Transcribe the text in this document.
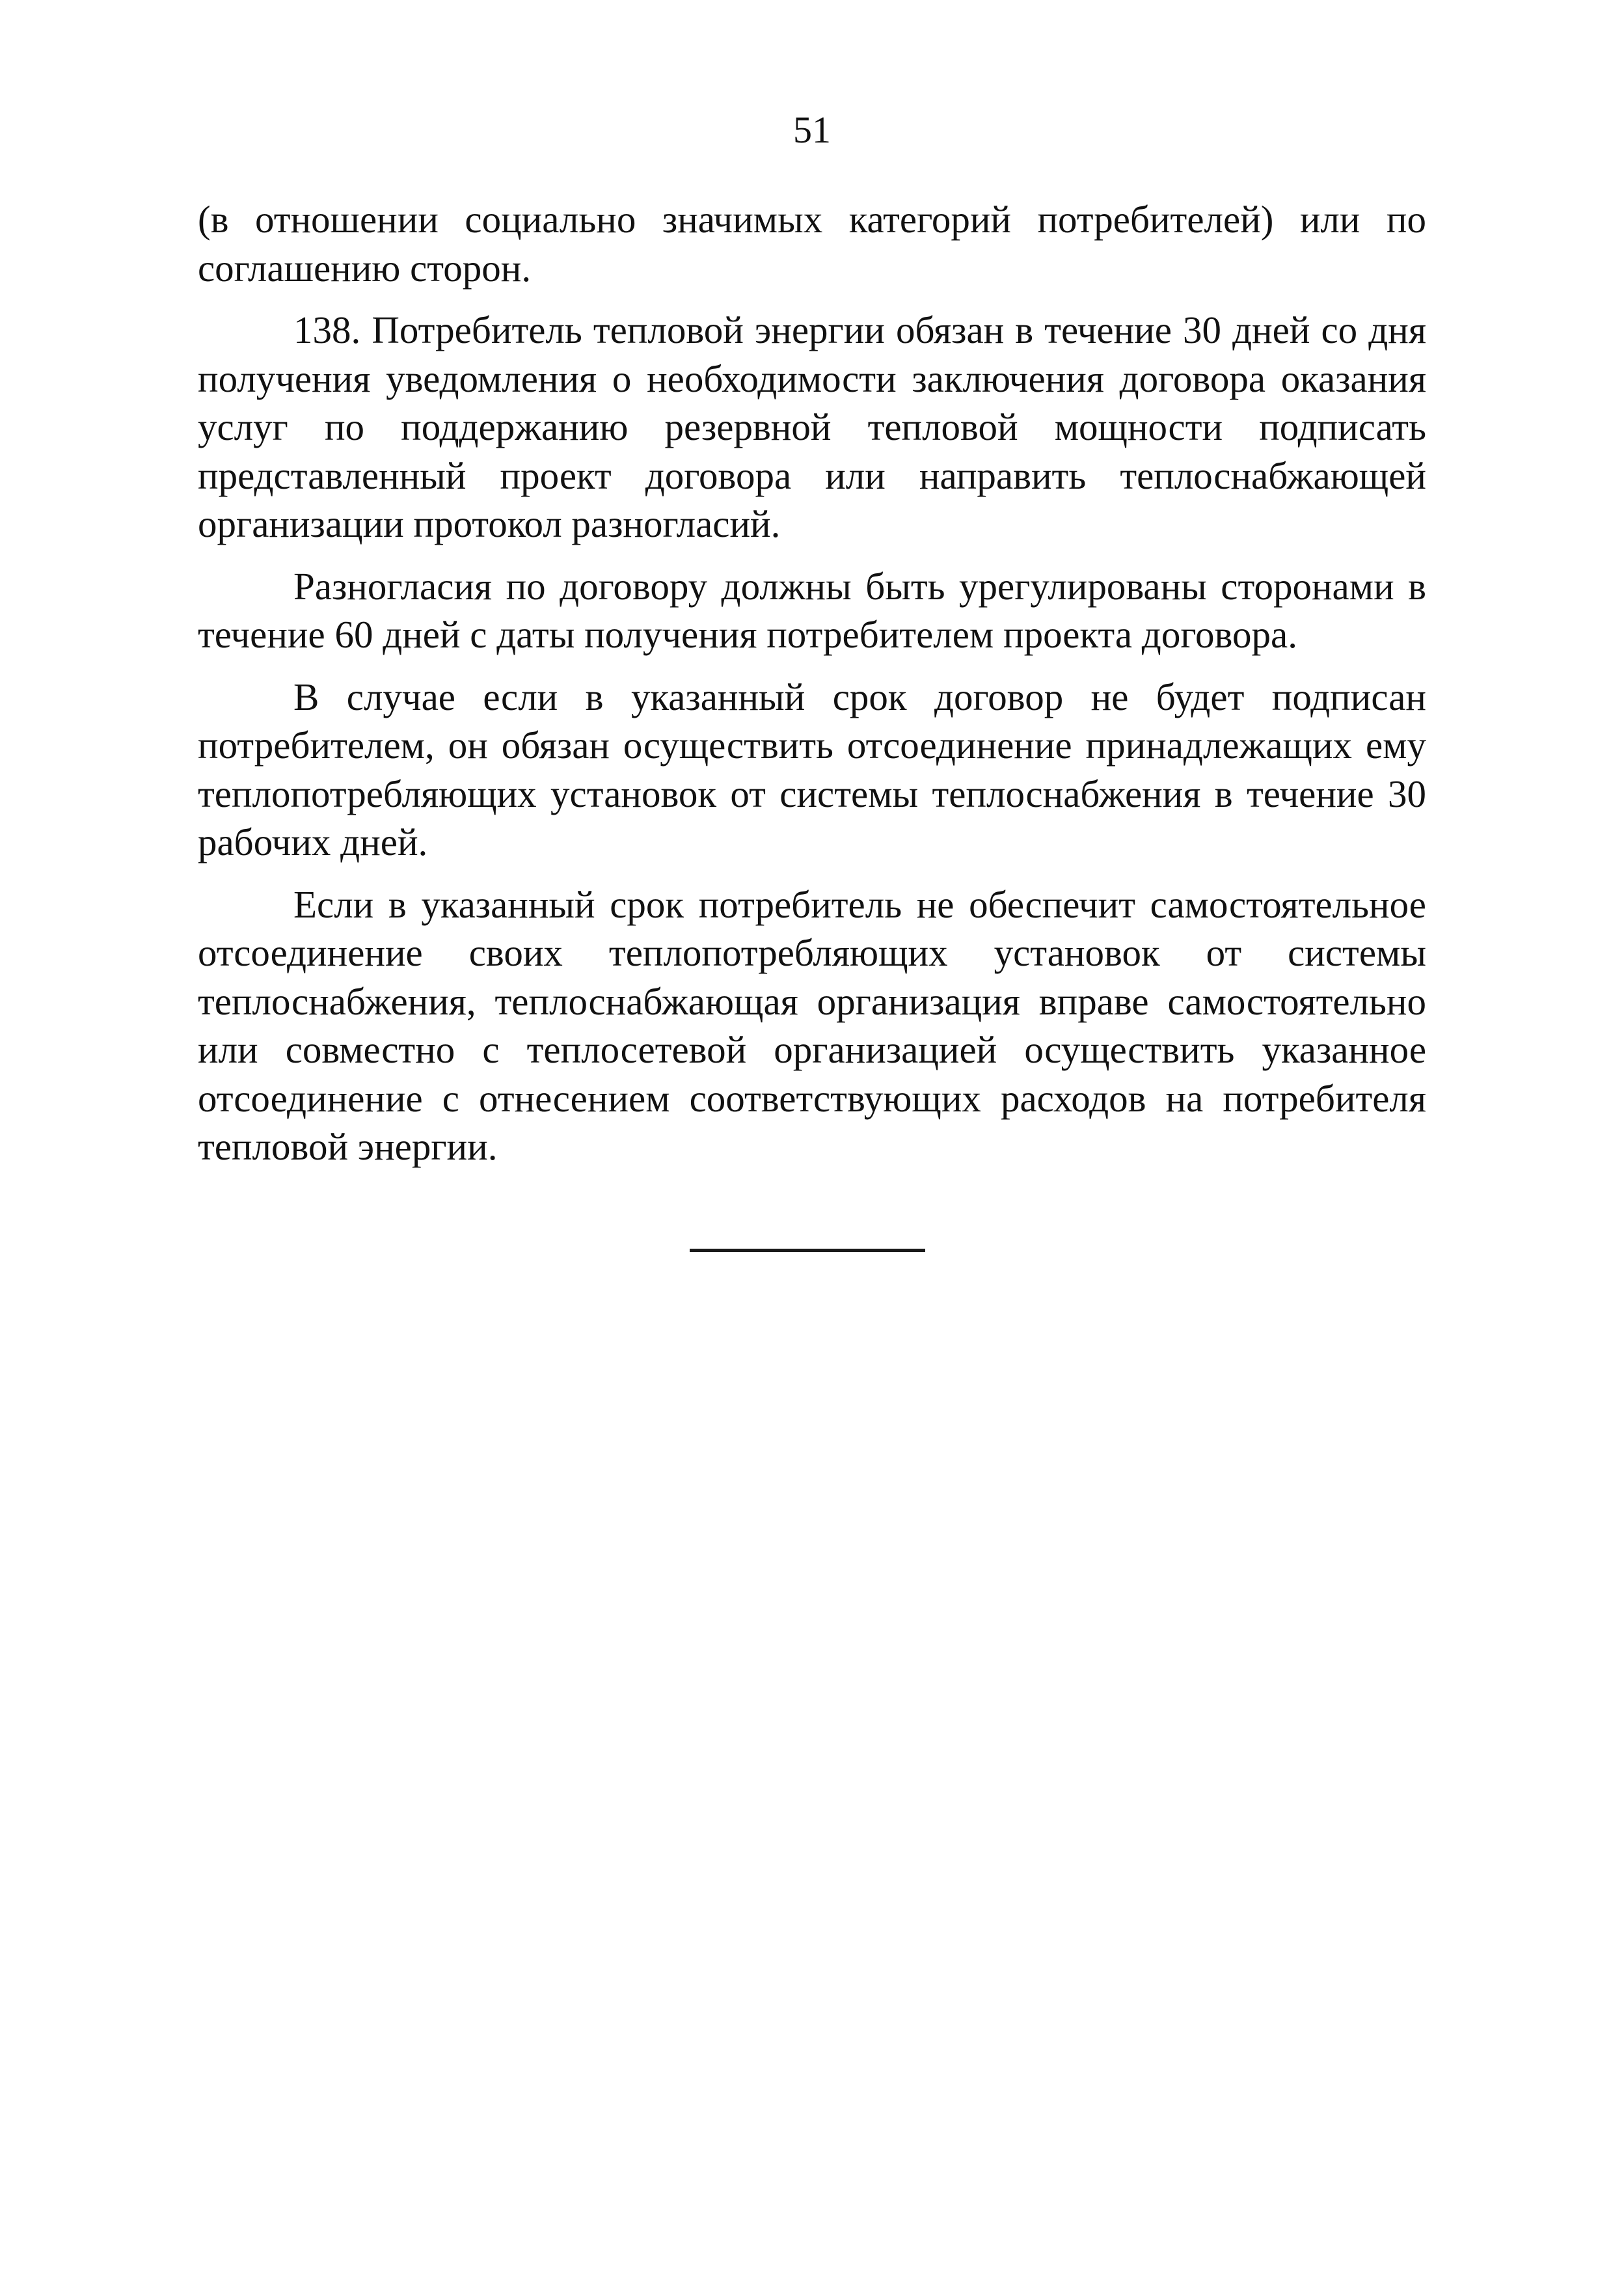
51

(в отношении социально значимых категорий потребителей) или по соглашению сторон.

138. Потребитель тепловой энергии обязан в течение 30 дней со дня получения уведомления о необходимости заключения договора оказания услуг по поддержанию резервной тепловой мощности подписать представленный проект договора или направить теплоснабжающей организации протокол разногласий.

Разногласия по договору должны быть урегулированы сторонами в течение 60 дней с даты получения потребителем проекта договора.

В случае если в указанный срок договор не будет подписан потребителем, он обязан осуществить отсоединение принадлежащих ему теплопотребляющих установок от системы теплоснабжения в течение 30 рабочих дней.

Если в указанный срок потребитель не обеспечит самостоятельное отсоединение своих теплопотребляющих установок от системы теплоснабжения, теплоснабжающая организация вправе самостоятельно или совместно с теплосетевой организацией осуществить указанное отсоединение с отнесением соответствующих расходов на потребителя тепловой энергии.
